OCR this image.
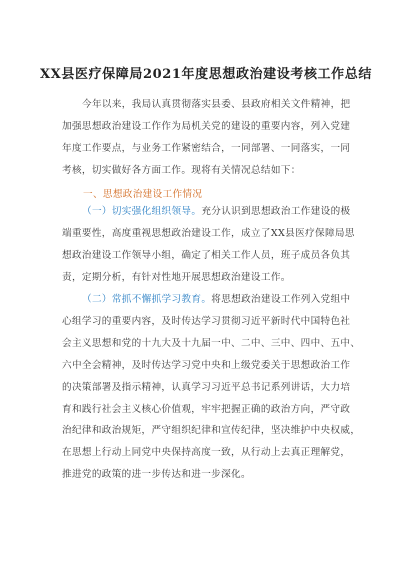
XX县医疗保障局2021年度思想政治建设考核工作总结
今年以来，我局认真贯彻落实县委、县政府相关文件精神，把
加强思想政治建设工作作为局机关党的建设的重要内容，列入党建
年度工作要点，与业务工作紧密结合，一同部署、一同落实，一同
考核，切实做好各方面工作。现将有关情况总结如下：
一、思想政治建设工作情况
（一）切实强化组织领导。充分认识到思想政治工作建设的极
端重要性，高度重视思想政治建设工作，成立了XX县医疗保障局思
想政治建设工作领导小组，确定了相关工作人员，班子成员各负其
责，定期分析，有针对性地开展思想政治建设工作。
（二）常抓不懈抓学习教育。将思想政治建设工作列入党组中
心组学习的重要内容，及时传达学习贯彻习近平新时代中国特色社
会主义思想和党的十九大及十九届一中、二中、三中、四中、五中、
六中全会精神，及时传达学习党中央和上级党委关于思想政治工作
的决策部署及指示精神，认真学习习近平总书记系列讲话，大力培
育和践行社会主义核心价值观，牢牢把握正确的政治方向，严守政
治纪律和政治规矩，严守组织纪律和宣传纪律，坚决维护中央权威，
在思想上行动上同党中央保持高度一致，从行动上去真正理解党，
推进党的政策的进一步传达和进一步深化。
